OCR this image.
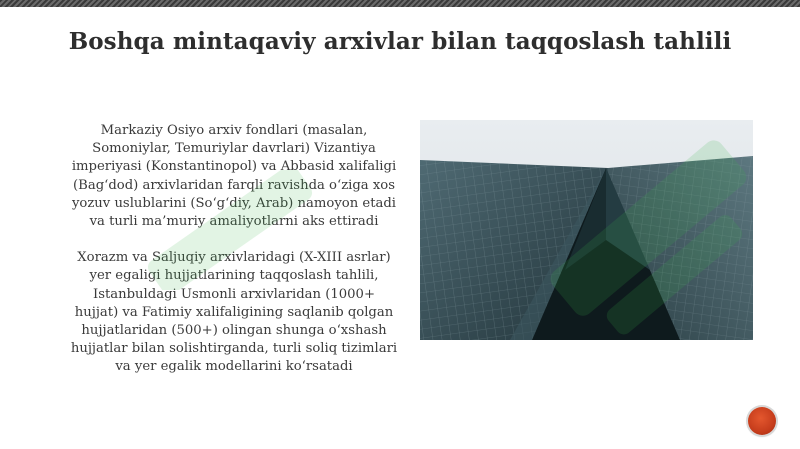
Boshqa mintaqaviy arxivlar bilan taqqoslash tahlili

Markaziy Osiyo arxiv fondlari (masalan, Somoniylar, Temuriylar davrlari) Vizantiya imperiyasi (Konstantinopol) va Abbasid xalifaligi (Bag‘dod) arxivlaridan farqli ravishda o‘ziga xos yozuv uslublarini (So‘g‘diy, Arab) namoyon etadi va turli ma’muriy amaliyotlarni aks ettiradi

Xorazm va Saljuqiy arxivlaridagi (X-XIII asrlar) yer egaligi hujjatlarining taqqoslash tahlili, Istanbuldagi Usmonli arxivlaridan (1000+ hujjat) va Fatimiy xalifaligining saqlanib qolgan hujjatlaridan (500+) olingan shunga o‘xshash hujjatlar bilan solishtirganda, turli soliq tizimlari va yer egalik modellarini ko‘rsatadi
